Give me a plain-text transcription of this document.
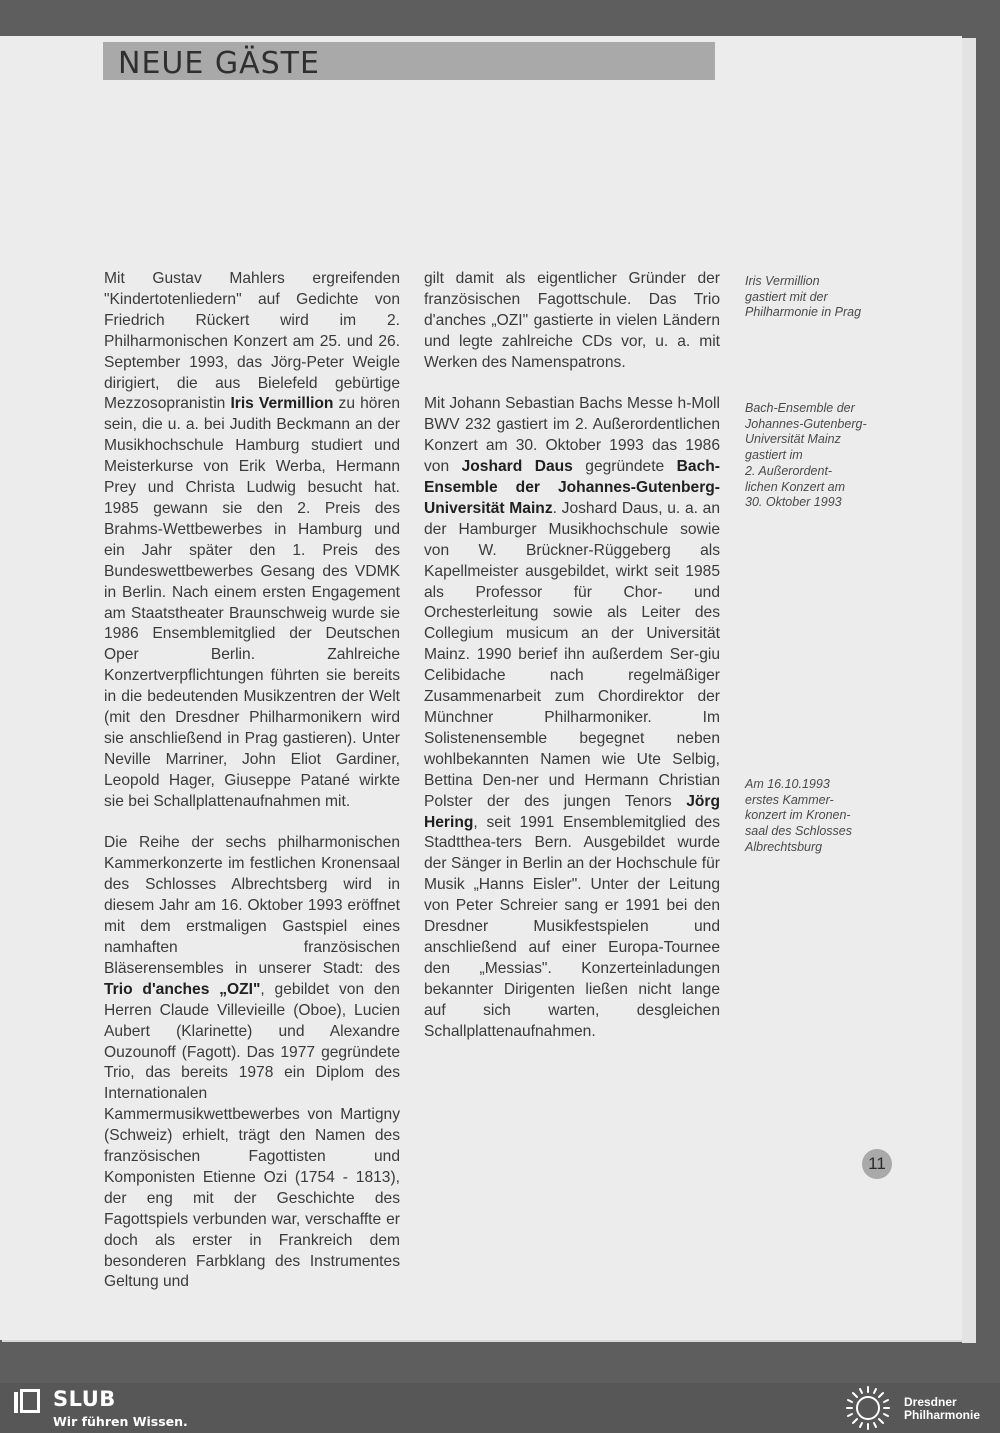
NEUE GÄSTE

Mit Gustav Mahlers ergreifenden "Kindertotenliedern" auf Gedichte von Friedrich Rückert wird im 2. Philharmonischen Konzert am 25. und 26. September 1993, das Jörg-Peter Weigle dirigiert, die aus Bielefeld gebürtige Mezzosopranistin Iris Vermillion zu hören sein, die u. a. bei Judith Beckmann an der Musikhochschule Hamburg studiert und Meisterkurse von Erik Werba, Hermann Prey und Christa Ludwig besucht hat. 1985 gewann sie den 2. Preis des Brahms-Wettbewerbes in Hamburg und ein Jahr später den 1. Preis des Bundeswettbewerbes Gesang des VDMK in Berlin. Nach einem ersten Engagement am Staatstheater Braunschweig wurde sie 1986 Ensemblemitglied der Deutschen Oper Berlin. Zahlreiche Konzertverpflichtungen führten sie bereits in die bedeutenden Musikzentren der Welt (mit den Dresdner Philharmonikern wird sie anschließend in Prag gastieren). Unter Neville Marriner, John Eliot Gardiner, Leopold Hager, Giuseppe Patané wirkte sie bei Schallplattenaufnahmen mit.

Die Reihe der sechs philharmonischen Kammerkonzerte im festlichen Kronensaal des Schlosses Albrechtsberg wird in diesem Jahr am 16. Oktober 1993 eröffnet mit dem erstmaligen Gastspiel eines namhaften französischen Bläserensembles in unserer Stadt: des Trio d'anches „OZI", gebildet von den Herren Claude Villevieille (Oboe), Lucien Aubert (Klarinette) und Alexandre Ouzounoff (Fagott). Das 1977 gegründete Trio, das bereits 1978 ein Diplom des Internationalen Kammermusikwettbewerbes von Martigny (Schweiz) erhielt, trägt den Namen des französischen Fagottisten und Komponisten Etienne Ozi (1754 - 1813), der eng mit der Geschichte des Fagottspiels verbunden war, verschaffte er doch als erster in Frankreich dem besonderen Farbklang des Instrumentes Geltung und

gilt damit als eigentlicher Gründer der französischen Fagottschule. Das Trio d'anches „OZI" gastierte in vielen Ländern und legte zahlreiche CDs vor, u. a. mit Werken des Namenspatrons.

Mit Johann Sebastian Bachs Messe h-Moll BWV 232 gastiert im 2. Außerordentlichen Konzert am 30. Oktober 1993 das 1986 von Joshard Daus gegründete Bach-Ensemble der Johannes-Gutenberg-Universität Mainz. Joshard Daus, u. a. an der Hamburger Musikhochschule sowie von W. Brückner-Rüggeberg als Kapellmeister ausgebildet, wirkt seit 1985 als Professor für Chor- und Orchesterleitung sowie als Leiter des Collegium musicum an der Universität Mainz. 1990 berief ihn außerdem Ser-giu Celibidache nach regelmäßiger Zusammenarbeit zum Chordirektor der Münchner Philharmoniker. Im Solistenensemble begegnet neben wohlbekannten Namen wie Ute Selbig, Bettina Den-ner und Hermann Christian Polster der des jungen Tenors Jörg Hering, seit 1991 Ensemblemitglied des Stadtthea-ters Bern. Ausgebildet wurde der Sänger in Berlin an der Hochschule für Musik „Hanns Eisler". Unter der Leitung von Peter Schreier sang er 1991 bei den Dresdner Musikfestspielen und anschließend auf einer Europa-Tournee den „Messias". Konzerteinladungen bekannter Dirigenten ließen nicht lange auf sich warten, desgleichen Schallplattenaufnahmen.

Iris Vermillion
gastiert mit der
Philharmonie in Prag
Bach-Ensemble der
Johannes-Gutenberg-
Universität Mainz
gastiert im
2. Außerordent-
lichen Konzert am
30. Oktober 1993
Am 16.10.1993
erstes Kammer-
konzert im Kronen-
saal des Schlosses
Albrechtsburg
11
SLUB
Wir führen Wissen.
Dresdner
Philharmonie
